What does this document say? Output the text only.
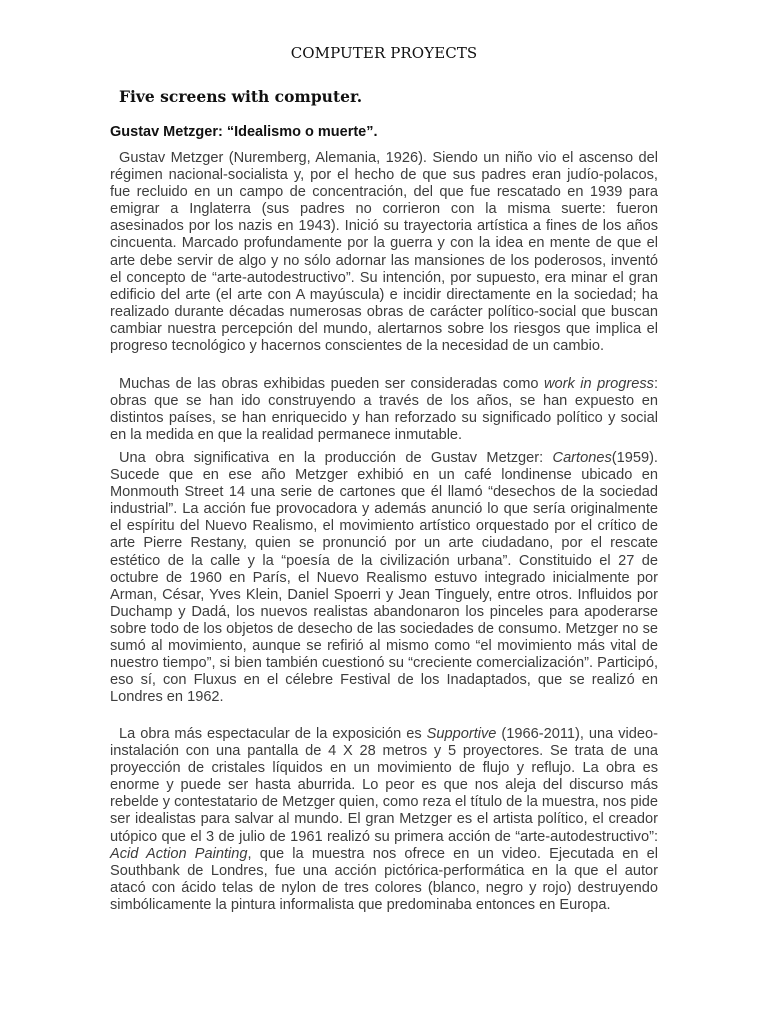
COMPUTER PROYECTS
Five screens with computer.
Gustav Metzger: “Idealismo o muerte”.

Gustav Metzger (Nuremberg, Alemania, 1926). Siendo un niño vio el ascenso del régimen nacional-socialista y, por el hecho de que sus padres eran judío-polacos, fue recluido en un campo de concentración, del que fue rescatado en 1939 para emigrar a Inglaterra (sus padres no corrieron con la misma suerte: fueron asesinados por los nazis en 1943). Inició su trayectoria artística a fines de los años cincuenta. Marcado profundamente por la guerra y con la idea en mente de que el arte debe servir de algo y no sólo adornar las mansiones de los poderosos, inventó el concepto de “arte-autodestructivo”. Su intención, por supuesto, era minar el gran edificio del arte (el arte con A mayúscula) e incidir directamente en la sociedad; ha realizado durante décadas numerosas obras de carácter político-social que buscan cambiar nuestra percepción del mundo, alertarnos sobre los riesgos que implica el progreso tecnológico y hacernos conscientes de la necesidad de un cambio.

Muchas de las obras exhibidas pueden ser consideradas como work in progress: obras que se han ido construyendo a través de los años, se han expuesto en distintos países, se han enriquecido y han reforzado su significado político y social en la medida en que la realidad permanece inmutable.

Una obra significativa en la producción de Gustav Metzger: Cartones(1959). Sucede que en ese año Metzger exhibió en un café londinense ubicado en Monmouth Street 14 una serie de cartones que él llamó “desechos de la sociedad industrial”. La acción fue provocadora y además anunció lo que sería originalmente el espíritu del Nuevo Realismo, el movimiento artístico orquestado por el crítico de arte Pierre Restany, quien se pronunció por un arte ciudadano, por el rescate estético de la calle y la “poesía de la civilización urbana”. Constituido el 27 de octubre de 1960 en París, el Nuevo Realismo estuvo integrado inicialmente por Arman, César, Yves Klein, Daniel Spoerri y Jean Tinguely, entre otros. Influidos por Duchamp y Dadá, los nuevos realistas abandonaron los pinceles para apoderarse sobre todo de los objetos de desecho de las sociedades de consumo. Metzger no se sumó al movimiento, aunque se refirió al mismo como “el movimiento más vital de nuestro tiempo”, si bien también cuestionó su “creciente comercialización”. Participó, eso sí, con Fluxus en el célebre Festival de los Inadaptados, que se realizó en Londres en 1962.

La obra más espectacular de la exposición es Supportive (1966-2011), una video-instalación con una pantalla de 4 X 28 metros y 5 proyectores. Se trata de una proyección de cristales líquidos en un movimiento de flujo y reflujo. La obra es enorme y puede ser hasta aburrida. Lo peor es que nos aleja del discurso más rebelde y contestatario de Metzger quien, como reza el título de la muestra, nos pide ser idealistas para salvar al mundo. El gran Metzger es el artista político, el creador utópico que el 3 de julio de 1961 realizó su primera acción de “arte-autodestructivo”: Acid Action Painting, que la muestra nos ofrece en un video. Ejecutada en el Southbank de Londres, fue una acción pictórica-performática en la que el autor atacó con ácido telas de nylon de tres colores (blanco, negro y rojo) destruyendo simbólicamente la pintura informalista que predominaba entonces en Europa.
